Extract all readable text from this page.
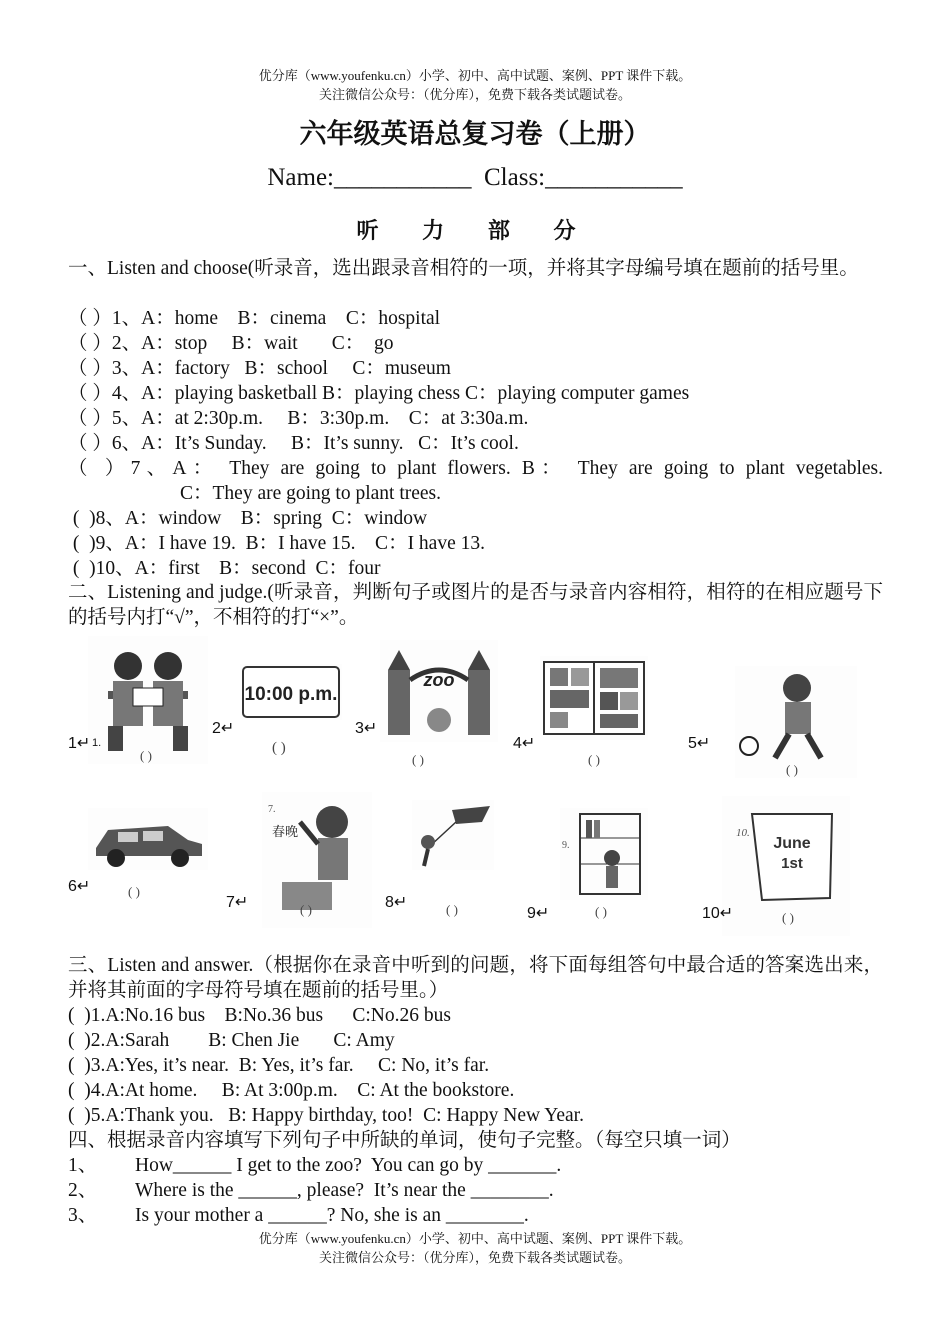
优分库（www.youfenku.cn）小学、初中、高中试题、案例、PPT 课件下载。
关注微信公众号：（优分库），免费下载各类试题试卷。
六年级英语总复习卷（上册）
Name:___________  Class:___________
听 力 部 分
一、Listen and choose(听录音，选出跟录音相符的一项，并将其字母编号填在题前的括号里。
（ ）1、A：home    B：cinema    C：hospital
（ ）2、A：stop     B：wait       C：  go
（ ）3、A：factory   B：school     C：museum
（ ）4、A：playing basketball B：playing chess C：playing computer games
（ ）5、A：at 2:30p.m.     B：3:30p.m.    C：at 3:30a.m.
（ ）6、A：It’s Sunday.     B：It’s sunny.   C：It’s cool.
（ ）7、A： They are going to plant flowers. B： They are going to plant vegetables.
C：They are going to plant trees.
(  )8、A：window    B：spring  C：window
(  )9、A：I have 19.  B：I have 15.    C：I have 13.
(  )10、A：first    B：second  C：four
二、Listening and judge.(听录音，判断句子或图片的是否与录音内容相符，相符的在相应题号下的括号内打“√”，不相符的打“×”。
1↵ 1.
( )
10:00 p.m.
2↵
( )
zoo
3↵
( )
4↵
( )
5↵
( )
6↵	( )
春晚
7.
7↵	( )	8↵	( )
9.
9↵	( )
10.
June
1st
10↵	( )
三、Listen and answer.（根据你在录音中听到的问题，将下面每组答句中最合适的答案选出来，并将其前面的字母符号填在题前的括号里。）
(  )1.A:No.16 bus    B:No.36 bus      C:No.26 bus
(  )2.A:Sarah        B: Chen Jie       C: Amy
(  )3.A:Yes, it’s near.  B: Yes, it’s far.     C: No, it’s far.
(  )4.A:At home.     B: At 3:00p.m.    C: At the bookstore.
(  )5.A:Thank you.   B: Happy birthday, too!  C: Happy New Year.
四、根据录音内容填写下列句子中所缺的单词，使句子完整。（每空只填一词）
1、	How______ I get to the zoo?  You can go by _______.
2、	Where is the ______, please?  It’s near the ________.
3、	Is your mother a ______? No, she is an ________.
优分库（www.youfenku.cn）小学、初中、高中试题、案例、PPT 课件下载。
关注微信公众号：（优分库），免费下载各类试题试卷。
